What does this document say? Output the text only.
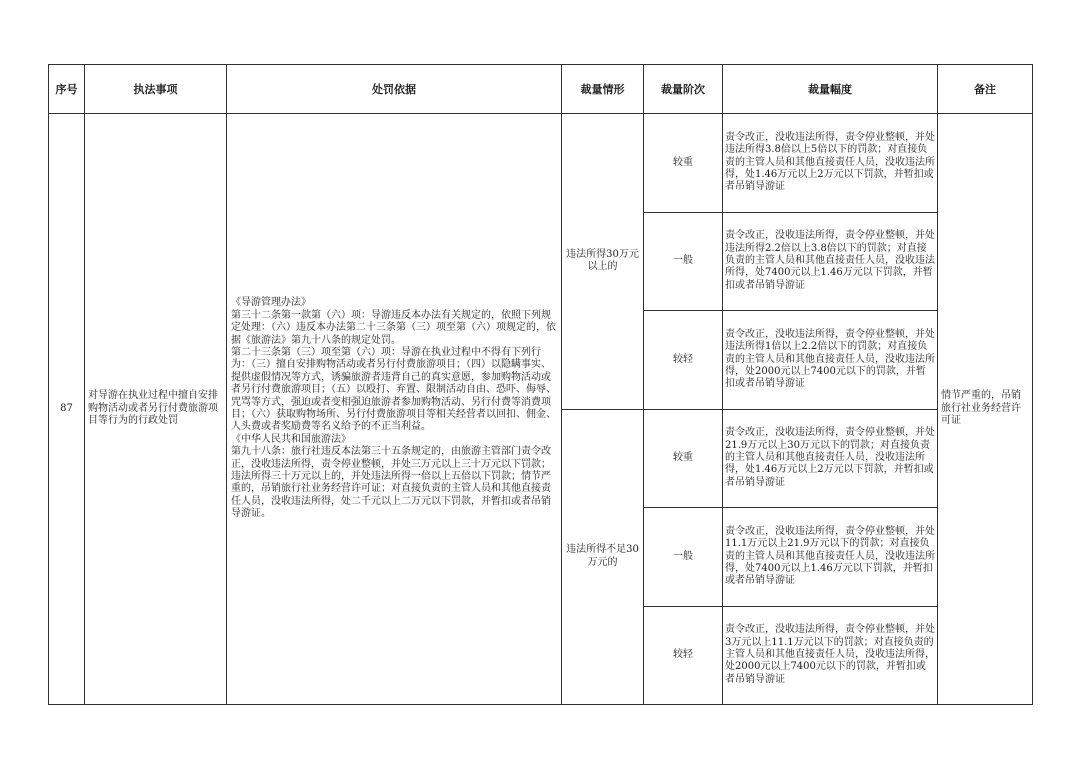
序号	执法事项	处罚依据	裁量情形	裁量阶次	裁量幅度	备注
87	对导游在执业过程中擅自安排购物活动或者另行付费旅游项目等行为的行政处罚	《导游管理办法》
第三十二条第一款第（六）项：导游违反本办法有关规定的，依照下列规定处理：（六）违反本办法第二十三条第（三）项至第（六）项规定的，依据《旅游法》第九十八条的规定处罚。
第二十三条第（三）项至第（六）项：导游在执业过程中不得有下列行为：（三）擅自安排购物活动或者另行付费旅游项目；（四）以隐瞒事实、提供虚假情况等方式，诱骗旅游者违背自己的真实意愿，参加购物活动或者另行付费旅游项目；（五）以殴打、弃置、限制活动自由、恐吓、侮辱、咒骂等方式，强迫或者变相强迫旅游者参加购物活动、另行付费等消费项目；（六）获取购物场所、另行付费旅游项目等相关经营者以回扣、佣金、人头费或者奖励费等名义给予的不正当利益。
《中华人民共和国旅游法》
第九十八条：旅行社违反本法第三十五条规定的，由旅游主管部门责令改正，没收违法所得，责令停业整顿，并处三万元以上三十万元以下罚款；违法所得三十万元以上的，并处违法所得一倍以上五倍以下罚款；情节严重的，吊销旅行社业务经营许可证；对直接负责的主管人员和其他直接责任人员，没收违法所得，处二千元以上二万元以下罚款，并暂扣或者吊销导游证。	违法所得30万元以上的	较重	责令改正，没收违法所得，责令停业整顿，并处违法所得3.8倍以上5倍以下的罚款；对直接负责的主管人员和其他直接责任人员，没收违法所得，处1.46万元以上2万元以下罚款，并暂扣或者吊销导游证	情节严重的，吊销旅行社业务经营许可证
				一般	责令改正，没收违法所得，责令停业整顿，并处违法所得2.2倍以上3.8倍以下的罚款；对直接负责的主管人员和其他直接责任人员，没收违法所得，处7400元以上1.46万元以下罚款，并暂扣或者吊销导游证	
				较轻	责令改正，没收违法所得，责令停业整顿，并处违法所得1倍以上2.2倍以下的罚款；对直接负责的主管人员和其他直接责任人员，没收违法所得，处2000元以上7400元以下的罚款，并暂扣或者吊销导游证	
			违法所得不足30万元的	较重	责令改正，没收违法所得，责令停业整顿，并处21.9万元以上30万元以下的罚款；对直接负责的主管人员和其他直接责任人员，没收违法所得，处1.46万元以上2万元以下罚款，并暂扣或者吊销导游证	
				一般	责令改正，没收违法所得，责令停业整顿，并处11.1万元以上21.9万元以下的罚款；对直接负责的主管人员和其他直接责任人员，没收违法所得，处7400元以上1.46万元以下罚款，并暂扣或者吊销导游证	
				较轻	责令改正，没收违法所得，责令停业整顿，并处3万元以上11.1万元以下的罚款；对直接负责的主管人员和其他直接责任人员，没收违法所得，处2000元以上7400元以下的罚款，并暂扣或者吊销导游证	
